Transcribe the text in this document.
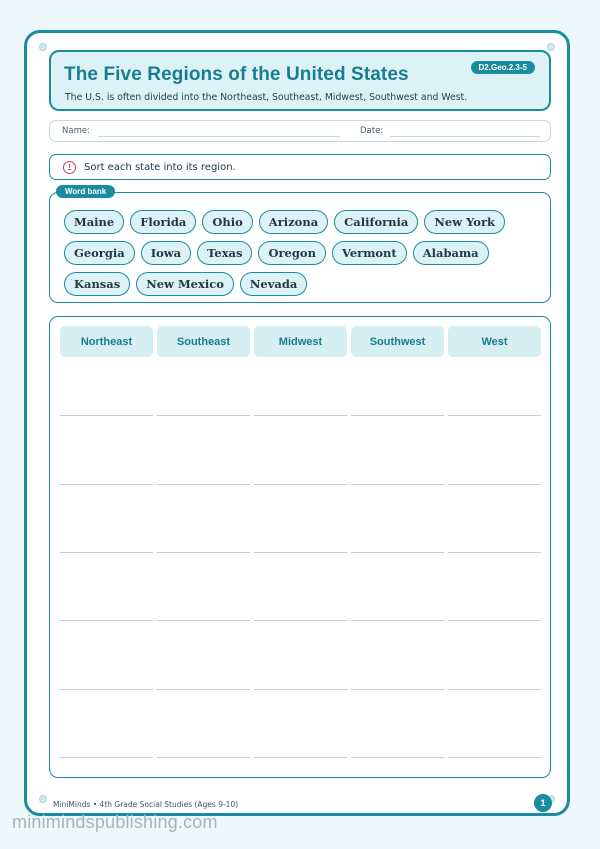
The Five Regions of the United States	D2.Geo.2.3-5
The U.S. is often divided into the Northeast, Southeast, Midwest, Southwest and West.
Name:	Date:
Sort each state into its region.
Word bank
Maine	Florida	Ohio	Arizona	California	New York
Georgia	Iowa	Texas	Oregon	Vermont	Alabama
Kansas	New Mexico	Nevada
Northeast	Southeast	Midwest	Southwest	West
MiniMinds • 4th Grade Social Studies (Ages 9-10)	1
minimindspublishing.com
